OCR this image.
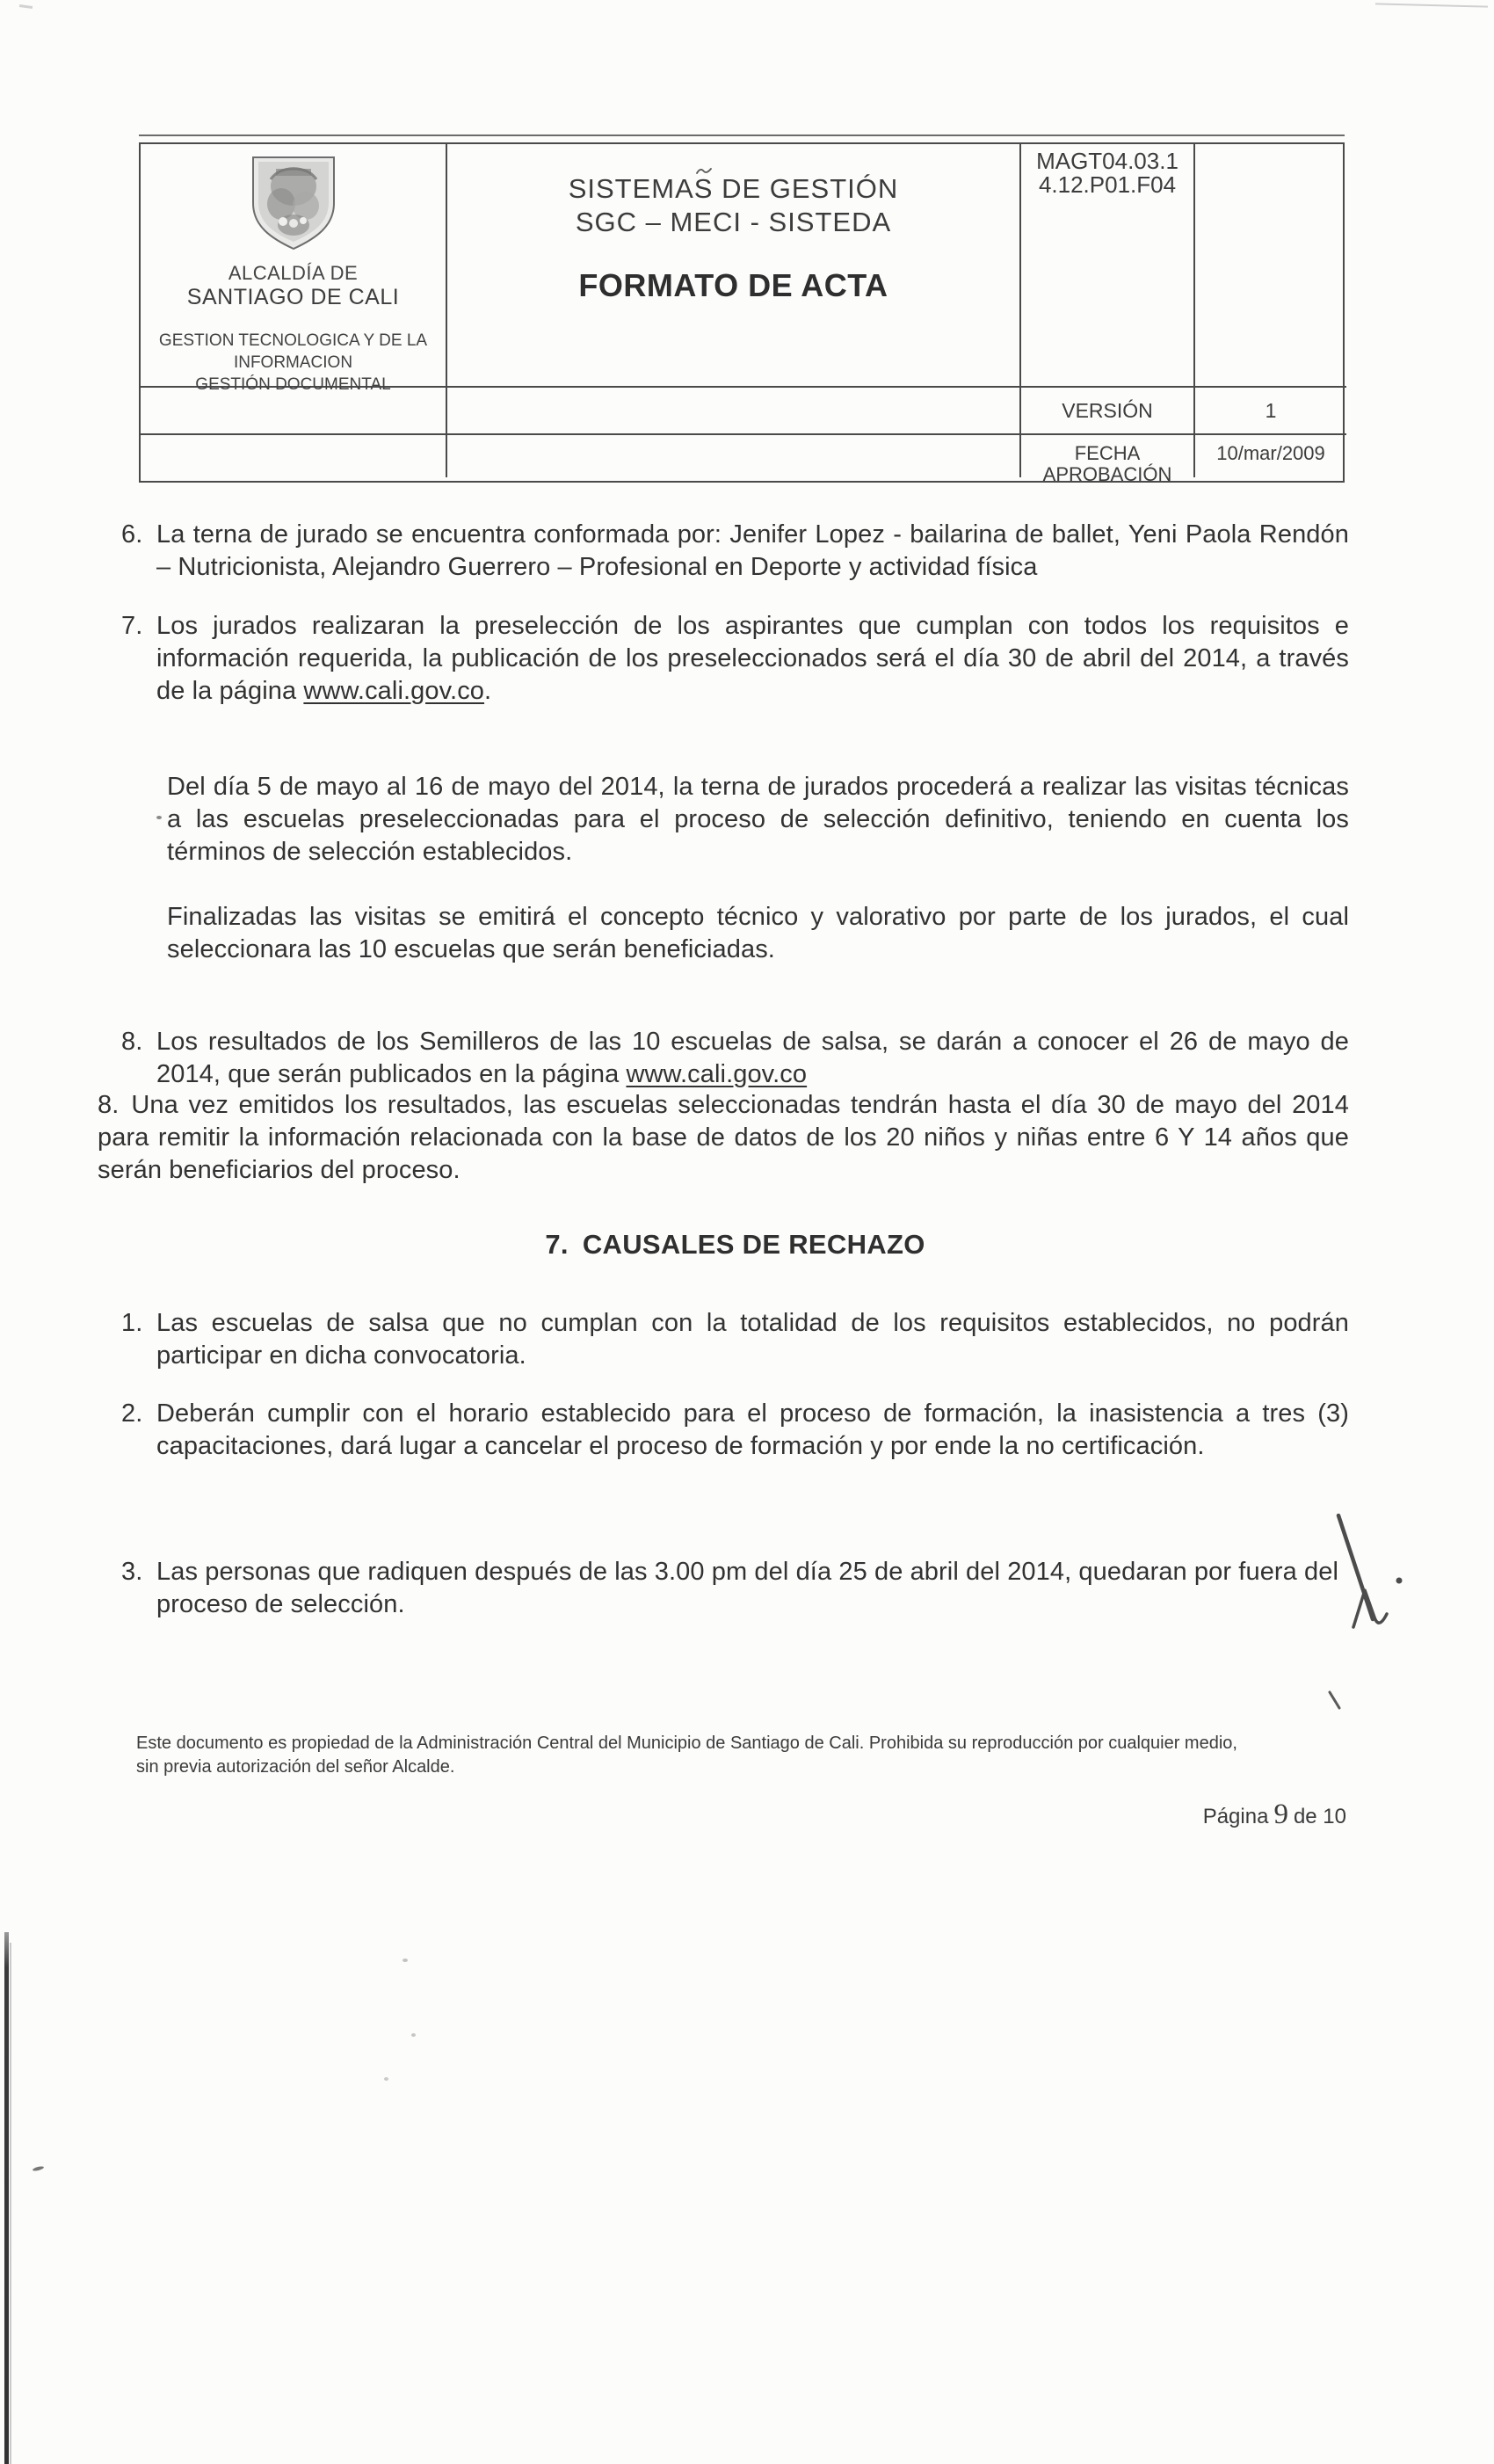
ALCALDÍA DE
SANTIAGO DE CALI
GESTION TECNOLOGICA Y DE LA
INFORMACION
GESTIÓN DOCUMENTAL
SISTEMAS DE GESTIÓN
SGC – MECI - SISTEDA
FORMATO DE ACTA
MAGT04.03.1
4.12.P01.F04
VERSIÓN	1
FECHA
APROBACIÓN
10/mar/2009
6. La terna de jurado se encuentra conformada por: Jenifer Lopez - bailarina de ballet, Yeni Paola Rendón – Nutricionista, Alejandro Guerrero – Profesional en Deporte y actividad física
7. Los jurados realizaran la preselección de los aspirantes que cumplan con todos los requisitos e información requerida, la publicación de los preseleccionados será el día 30 de abril del 2014, a través de la página www.cali.gov.co.
Del día 5 de mayo al 16 de mayo del 2014, la terna de jurados procederá a realizar las visitas técnicas a las escuelas preseleccionadas para el proceso de selección definitivo, teniendo en cuenta los términos de selección establecidos.
Finalizadas las visitas se emitirá el concepto técnico y valorativo por parte de los jurados, el cual seleccionara las 10 escuelas que serán beneficiadas.
8. Los resultados de los Semilleros de las 10 escuelas de salsa, se darán a conocer el 26 de mayo de 2014, que serán publicados en la página www.cali.gov.co
8. Una vez emitidos los resultados, las escuelas seleccionadas tendrán hasta el día 30 de mayo del 2014 para remitir la información relacionada con la base de datos de los 20 niños y niñas entre 6 Y 14 años que serán beneficiarios del proceso.
7. CAUSALES DE RECHAZO
1. Las escuelas de salsa que no cumplan con la totalidad de los requisitos establecidos, no podrán participar en dicha convocatoria.
2. Deberán cumplir con el horario establecido para el proceso de formación, la inasistencia a tres (3) capacitaciones, dará lugar a cancelar el proceso de formación y por ende la no certificación.
3. Las personas que radiquen después de las 3.00 pm del día 25 de abril del 2014, quedaran por fuera del proceso de selección.
Este documento es propiedad de la Administración Central del Municipio de Santiago de Cali. Prohibida su reproducción por cualquier medio,
sin previa autorización del señor Alcalde.
Página 9 de 10
